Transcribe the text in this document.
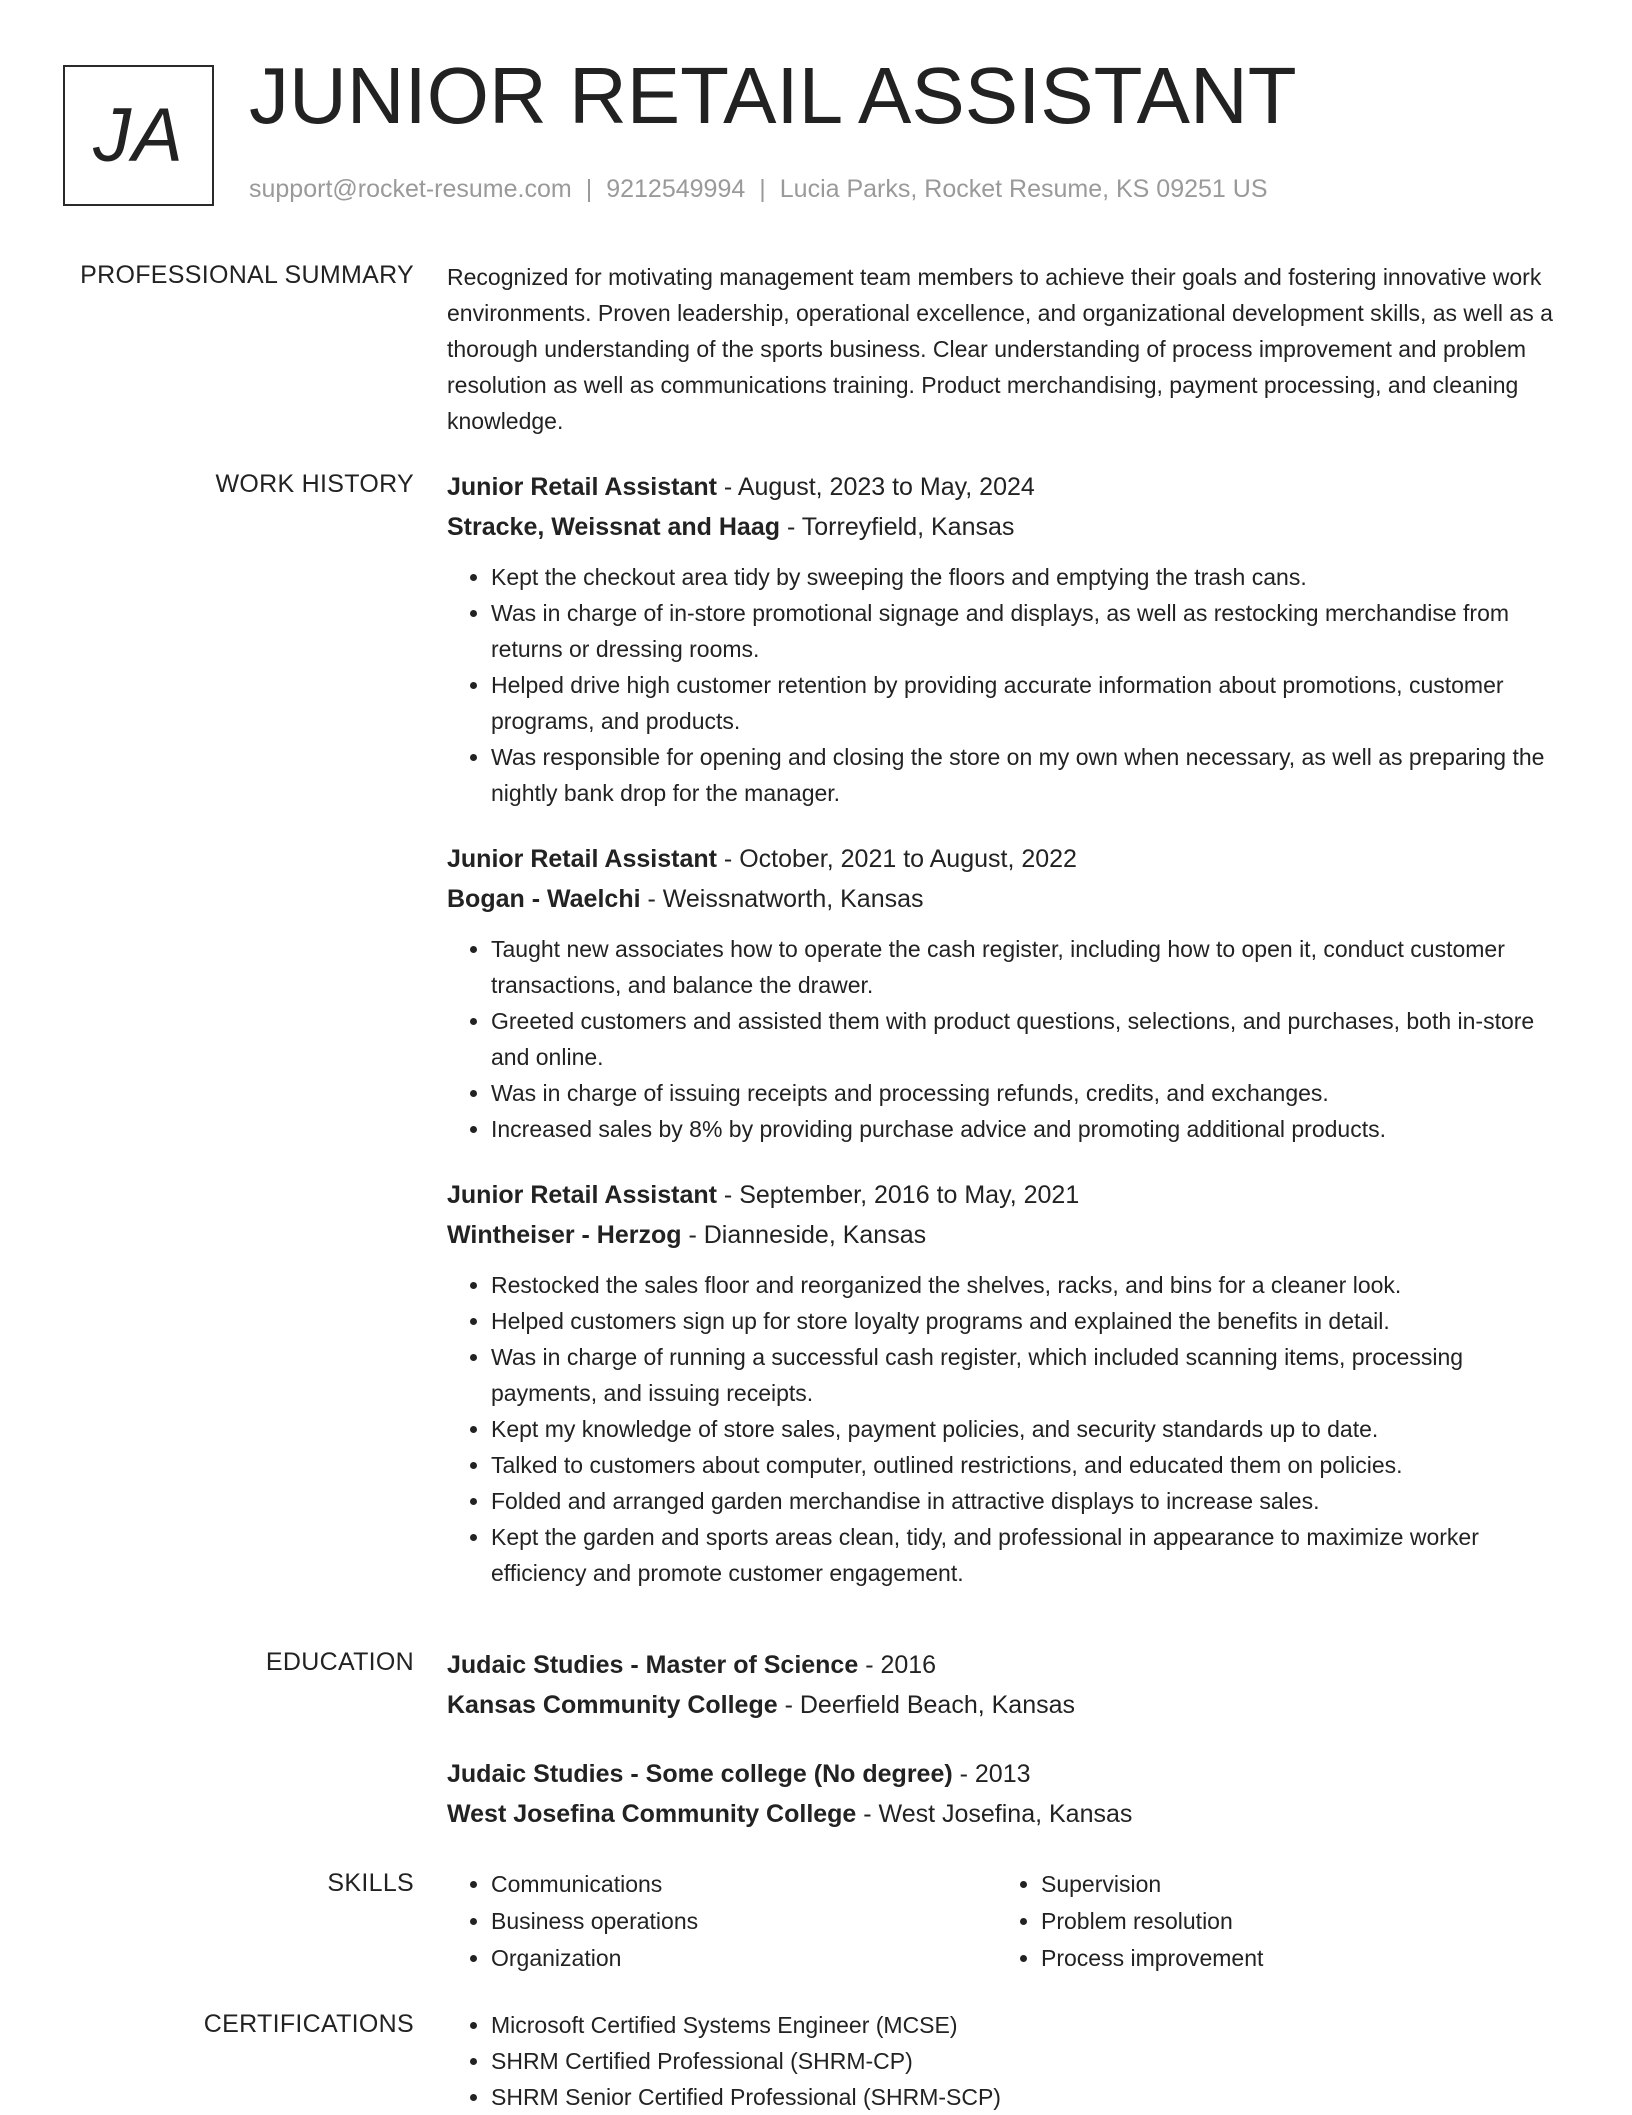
JA JUNIOR RETAIL ASSISTANT
support@rocket-resume.com | 9212549994 | Lucia Parks, Rocket Resume, KS 09251 US
PROFESSIONAL SUMMARY Recognized for motivating management team members to achieve their goals and fostering innovative work environments. Proven leadership, operational excellence, and organizational development skills, as well as a thorough understanding of the sports business. Clear understanding of process improvement and problem resolution as well as communications training. Product merchandising, payment processing, and cleaning knowledge.

WORK HISTORY Junior Retail Assistant - August, 2023 to May, 2024
Stracke, Weissnat and Haag - Torreyfield, Kansas
• Kept the checkout area tidy by sweeping the floors and emptying the trash cans.
• Was in charge of in-store promotional signage and displays, as well as restocking merchandise from returns or dressing rooms.
• Helped drive high customer retention by providing accurate information about promotions, customer programs, and products.
• Was responsible for opening and closing the store on my own when necessary, as well as preparing the nightly bank drop for the manager.
Junior Retail Assistant - October, 2021 to August, 2022
Bogan - Waelchi - Weissnatworth, Kansas
• Taught new associates how to operate the cash register, including how to open it, conduct customer transactions, and balance the drawer.
• Greeted customers and assisted them with product questions, selections, and purchases, both in-store and online.
• Was in charge of issuing receipts and processing refunds, credits, and exchanges.
• Increased sales by 8% by providing purchase advice and promoting additional products.
Junior Retail Assistant - September, 2016 to May, 2021
Wintheiser - Herzog - Dianneside, Kansas
• Restocked the sales floor and reorganized the shelves, racks, and bins for a cleaner look.
• Helped customers sign up for store loyalty programs and explained the benefits in detail.
• Was in charge of running a successful cash register, which included scanning items, processing payments, and issuing receipts.
• Kept my knowledge of store sales, payment policies, and security standards up to date.
• Talked to customers about computer, outlined restrictions, and educated them on policies.
• Folded and arranged garden merchandise in attractive displays to increase sales.
• Kept the garden and sports areas clean, tidy, and professional in appearance to maximize worker efficiency and promote customer engagement.
EDUCATION Judaic Studies - Master of Science - 2016
Kansas Community College - Deerfield Beach, Kansas
Judaic Studies - Some college (No degree) - 2013
West Josefina Community College - West Josefina, Kansas
SKILLS	• Communications
• Business operations
• Organization
• Supervision
• Problem resolution
• Process improvement
CERTIFICATIONS	• Microsoft Certified Systems Engineer (MCSE)
• SHRM Certified Professional (SHRM-CP)
• SHRM Senior Certified Professional (SHRM-SCP)
